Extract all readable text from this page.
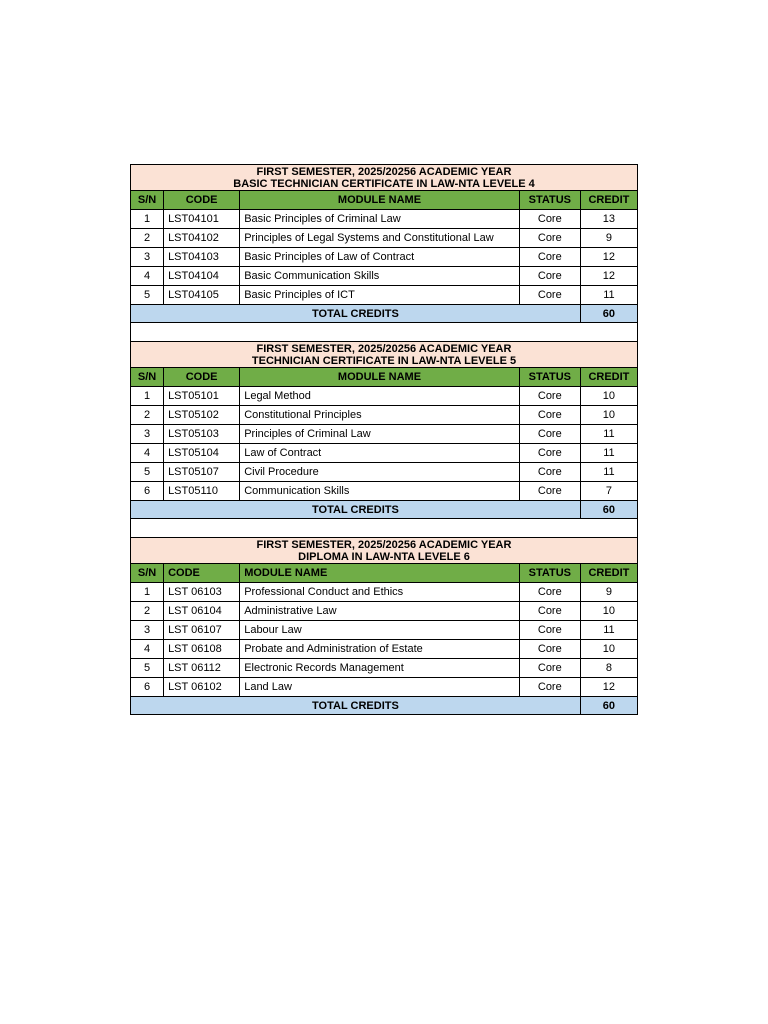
FIRST SEMESTER, 2025/20256 ACADEMIC YEAR
BASIC TECHNICIAN CERTIFICATE IN LAW-NTA LEVELE 4				

S/N	CODE	MODULE NAME	STATUS	CREDIT
1	LST04101	Basic Principles of Criminal Law	Core	13
2	LST04102	Principles of Legal Systems and Constitutional Law	Core	9
3	LST04103	Basic Principles of Law of Contract	Core	12
4	LST04104	Basic Communication Skills	Core	12
5	LST04105	Basic Principles of ICT	Core	11
TOTAL CREDITS				60

FIRST SEMESTER, 2025/20256 ACADEMIC YEAR
TECHNICIAN CERTIFICATE IN LAW-NTA LEVELE 5				

S/N	CODE	MODULE NAME	STATUS	CREDIT
1	LST05101	Legal Method	Core	10
2	LST05102	Constitutional Principles	Core	10
3	LST05103	Principles of Criminal Law	Core	11
4	LST05104	Law of Contract	Core	11
5	LST05107	Civil Procedure	Core	11
6	LST05110	Communication Skills	Core	7
TOTAL CREDITS				60

FIRST SEMESTER, 2025/20256 ACADEMIC YEAR
DIPLOMA IN LAW-NTA LEVELE 6				

S/N	CODE	MODULE NAME	STATUS	CREDIT
1	LST 06103	Professional Conduct and Ethics	Core	9
2	LST 06104	Administrative Law	Core	10
3	LST 06107	Labour Law	Core	11
4	LST 06108	Probate and Administration of Estate	Core	10
5	LST 06112	Electronic Records Management	Core	8
6	LST 06102	Land Law	Core	12
TOTAL CREDITS				60
